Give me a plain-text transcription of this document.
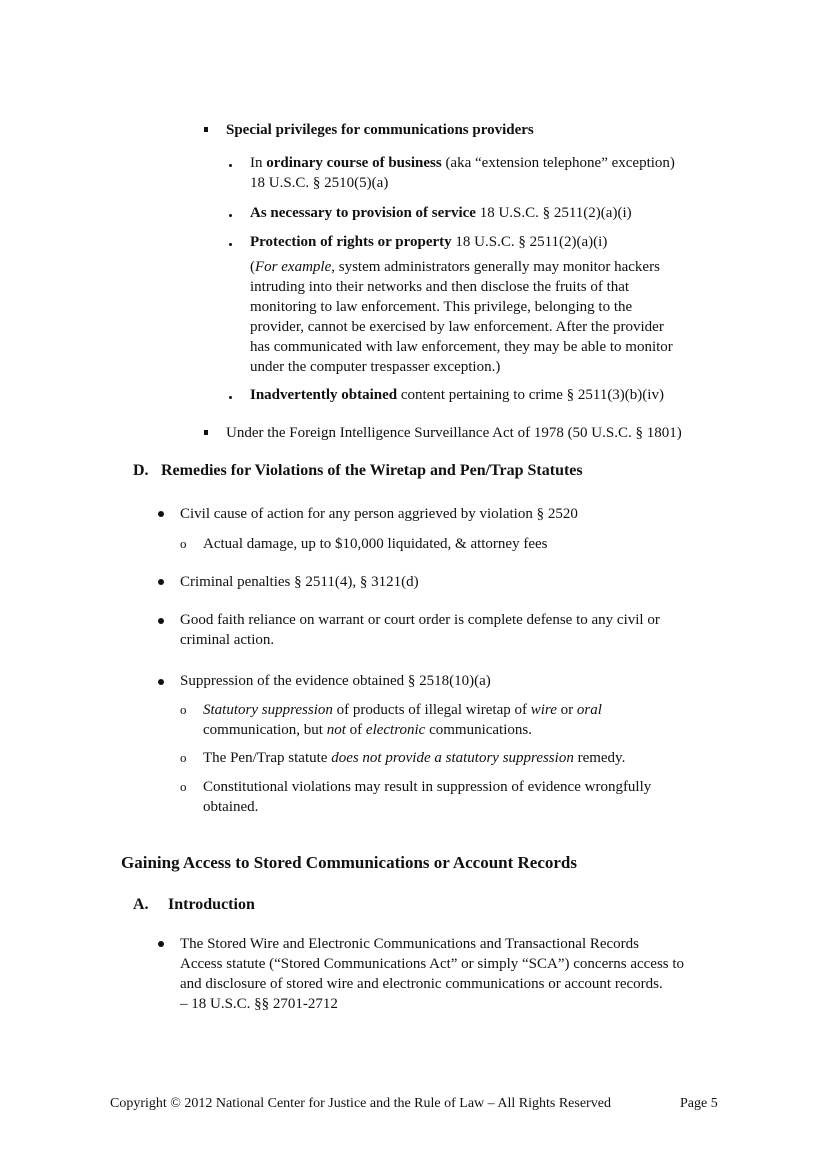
Special privileges for communications providers
In ordinary course of business (aka “extension telephone” exception)
18 U.S.C. § 2510(5)(a)
As necessary to provision of service 18 U.S.C. § 2511(2)(a)(i)
Protection of rights or property 18 U.S.C. § 2511(2)(a)(i)
(For example, system administrators generally may monitor hackers
intruding into their networks and then disclose the fruits of that
monitoring to law enforcement. This privilege, belonging to the
provider, cannot be exercised by law enforcement. After the provider
has communicated with law enforcement, they may be able to monitor
under the computer trespasser exception.)
Inadvertently obtained content pertaining to crime § 2511(3)(b)(iv)
Under the Foreign Intelligence Surveillance Act of 1978 (50 U.S.C. § 1801)
D. Remedies for Violations of the Wiretap and Pen/Trap Statutes
Civil cause of action for any person aggrieved by violation § 2520
o Actual damage, up to $10,000 liquidated, & attorney fees
Criminal penalties § 2511(4), § 3121(d)
Good faith reliance on warrant or court order is complete defense to any civil or
criminal action.
Suppression of the evidence obtained § 2518(10)(a)
o Statutory suppression of products of illegal wiretap of wire or oral
communication, but not of electronic communications.
o The Pen/Trap statute does not provide a statutory suppression remedy.
o Constitutional violations may result in suppression of evidence wrongfully
obtained.
Gaining Access to Stored Communications or Account Records
A. Introduction
The Stored Wire and Electronic Communications and Transactional Records
Access statute (“Stored Communications Act” or simply “SCA”) concerns access to
and disclosure of stored wire and electronic communications or account records.
– 18 U.S.C. §§ 2701-2712
Copyright © 2012 National Center for Justice and the Rule of Law – All Rights Reserved	Page 5
